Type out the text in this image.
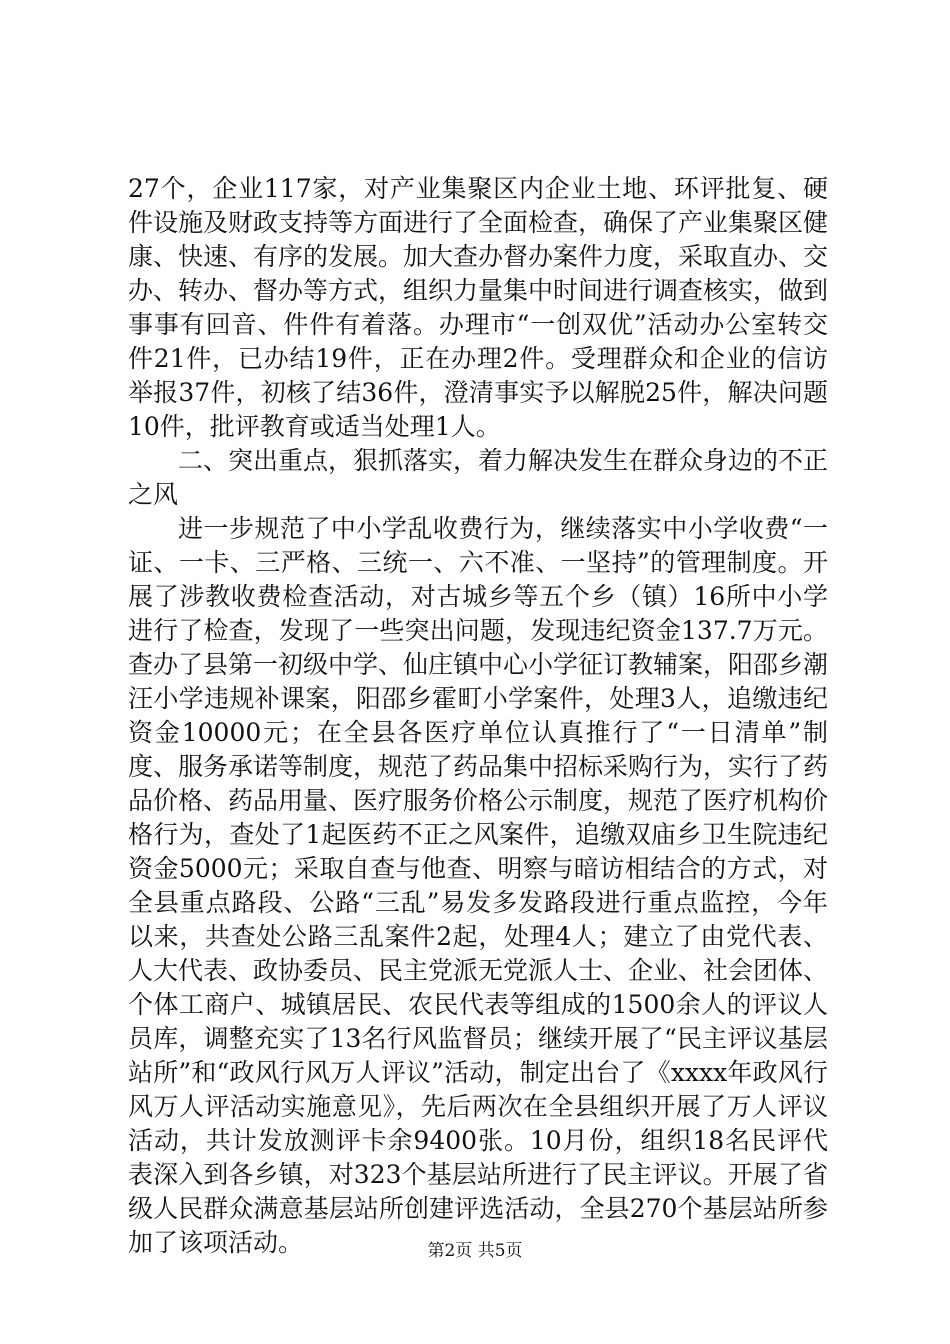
27个，企业117家，对产业集聚区内企业土地、环评批复、硬件设施及财政支持等方面进行了全面检查，确保了产业集聚区健康、快速、有序的发展。加大查办督办案件力度，采取直办、交办、转办、督办等方式，组织力量集中时间进行调查核实，做到事事有回音、件件有着落。办理市“一创双优”活动办公室转交件21件，已办结19件，正在办理2件。受理群众和企业的信访举报37件，初核了结36件，澄清事实予以解脱25件，解决问题10件，批评教育或适当处理1人。

二、突出重点，狠抓落实，着力解决发生在群众身边的不正之风

进一步规范了中小学乱收费行为，继续落实中小学收费“一证、一卡、三严格、三统一、六不准、一坚持”的管理制度。开展了涉教收费检查活动，对古城乡等五个乡（镇）16所中小学进行了检查，发现了一些突出问题，发现违纪资金137.7万元。查办了县第一初级中学、仙庄镇中心小学征订教辅案，阳邵乡潮汪小学违规补课案，阳邵乡霍町小学案件，处理3人，追缴违纪资金10000元；在全县各医疗单位认真推行了“一日清单”制度、服务承诺等制度，规范了药品集中招标采购行为，实行了药品价格、药品用量、医疗服务价格公示制度，规范了医疗机构价格行为，查处了1起医药不正之风案件，追缴双庙乡卫生院违纪资金5000元；采取自查与他查、明察与暗访相结合的方式，对全县重点路段、公路“三乱”易发多发路段进行重点监控，今年以来，共查处公路三乱案件2起，处理4人；建立了由党代表、人大代表、政协委员、民主党派无党派人士、企业、社会团体、个体工商户、城镇居民、农民代表等组成的1500余人的评议人员库，调整充实了13名行风监督员；继续开展了“民主评议基层站所”和“政风行风万人评议”活动，制定出台了《xxxx年政风行风万人评活动实施意见》，先后两次在全县组织开展了万人评议活动，共计发放测评卡余9400张。10月份，组织18名民评代表深入到各乡镇，对323个基层站所进行了民主评议。开展了省级人民群众满意基层站所创建评选活动，全县270个基层站所参加了该项活动。	第2页 共5页
